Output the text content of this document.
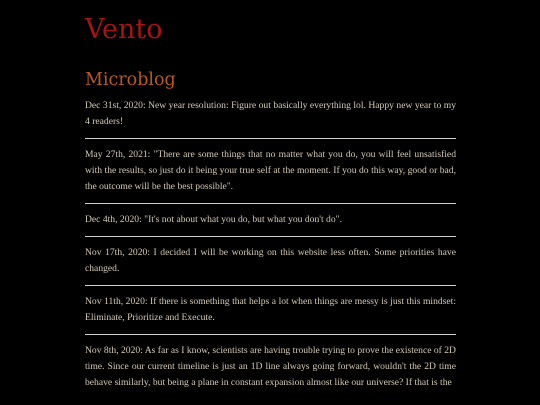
Vento
Microblog

Dec 31st, 2020: New year resolution: Figure out basically everything lol. Happy new year to my 4 readers!

May 27th, 2021: "There are some things that no matter what you do, you will feel unsatisfied with the results, so just do it being your true self at the moment. If you do this way, good or bad, the outcome will be the best possible".

Dec 4th, 2020: "It's not about what you do, but what you don't do".

Nov 17th, 2020: I decided I will be working on this website less often. Some priorities have changed.

Nov 11th, 2020: If there is something that helps a lot when things are messy is just this mindset: Eliminate, Prioritize and Execute.

Nov 8th, 2020: As far as I know, scientists are having trouble trying to prove the existence of 2D time. Since our current timeline is just an 1D line always going forward, wouldn't the 2D time behave similarly, but being a plane in constant expansion almost like our universe? If that is the
